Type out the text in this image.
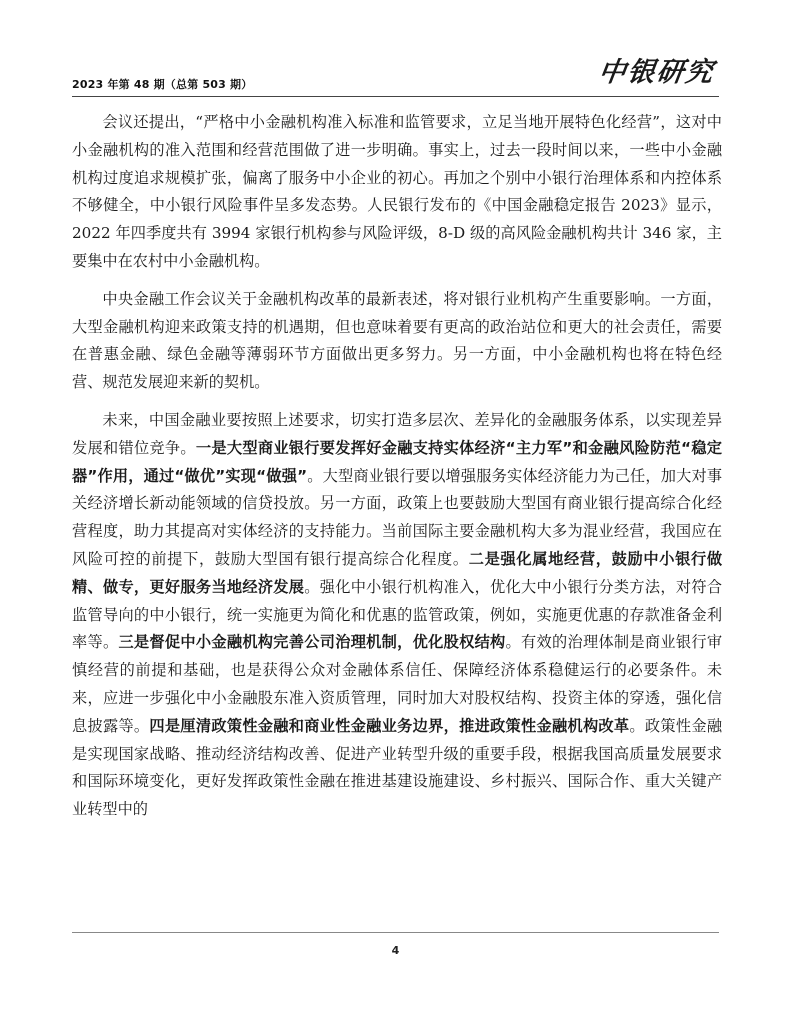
2023 年第 48 期（总第 503 期）	中银研究

会议还提出，“严格中小金融机构准入标准和监管要求，立足当地开展特色化经营”，这对中小金融机构的准入范围和经营范围做了进一步明确。事实上，过去一段时间以来，一些中小金融机构过度追求规模扩张，偏离了服务中小企业的初心。再加之个别中小银行治理体系和内控体系不够健全，中小银行风险事件呈多发态势。人民银行发布的《中国金融稳定报告 2023》显示，2022 年四季度共有 3994 家银行机构参与风险评级，8-D 级的高风险金融机构共计 346 家，主要集中在农村中小金融机构。

中央金融工作会议关于金融机构改革的最新表述，将对银行业机构产生重要影响。一方面，大型金融机构迎来政策支持的机遇期，但也意味着要有更高的政治站位和更大的社会责任，需要在普惠金融、绿色金融等薄弱环节方面做出更多努力。另一方面，中小金融机构也将在特色经营、规范发展迎来新的契机。

未来，中国金融业要按照上述要求，切实打造多层次、差异化的金融服务体系，以实现差异发展和错位竞争。一是大型商业银行要发挥好金融支持实体经济“主力军”和金融风险防范“稳定器”作用，通过“做优”实现“做强”。大型商业银行要以增强服务实体经济能力为己任，加大对事关经济增长新动能领域的信贷投放。另一方面，政策上也要鼓励大型国有商业银行提高综合化经营程度，助力其提高对实体经济的支持能力。当前国际主要金融机构大多为混业经营，我国应在风险可控的前提下，鼓励大型国有银行提高综合化程度。二是强化属地经营，鼓励中小银行做精、做专，更好服务当地经济发展。强化中小银行机构准入，优化大中小银行分类方法，对符合监管导向的中小银行，统一实施更为简化和优惠的监管政策，例如，实施更优惠的存款准备金利率等。三是督促中小金融机构完善公司治理机制，优化股权结构。有效的治理体制是商业银行审慎经营的前提和基础，也是获得公众对金融体系信任、保障经济体系稳健运行的必要条件。未来，应进一步强化中小金融股东准入资质管理，同时加大对股权结构、投资主体的穿透，强化信息披露等。四是厘清政策性金融和商业性金融业务边界，推进政策性金融机构改革。政策性金融是实现国家战略、推动经济结构改善、促进产业转型升级的重要手段，根据我国高质量发展要求和国际环境变化，更好发挥政策性金融在推进基建设施建设、乡村振兴、国际合作、重大关键产业转型中的

4
